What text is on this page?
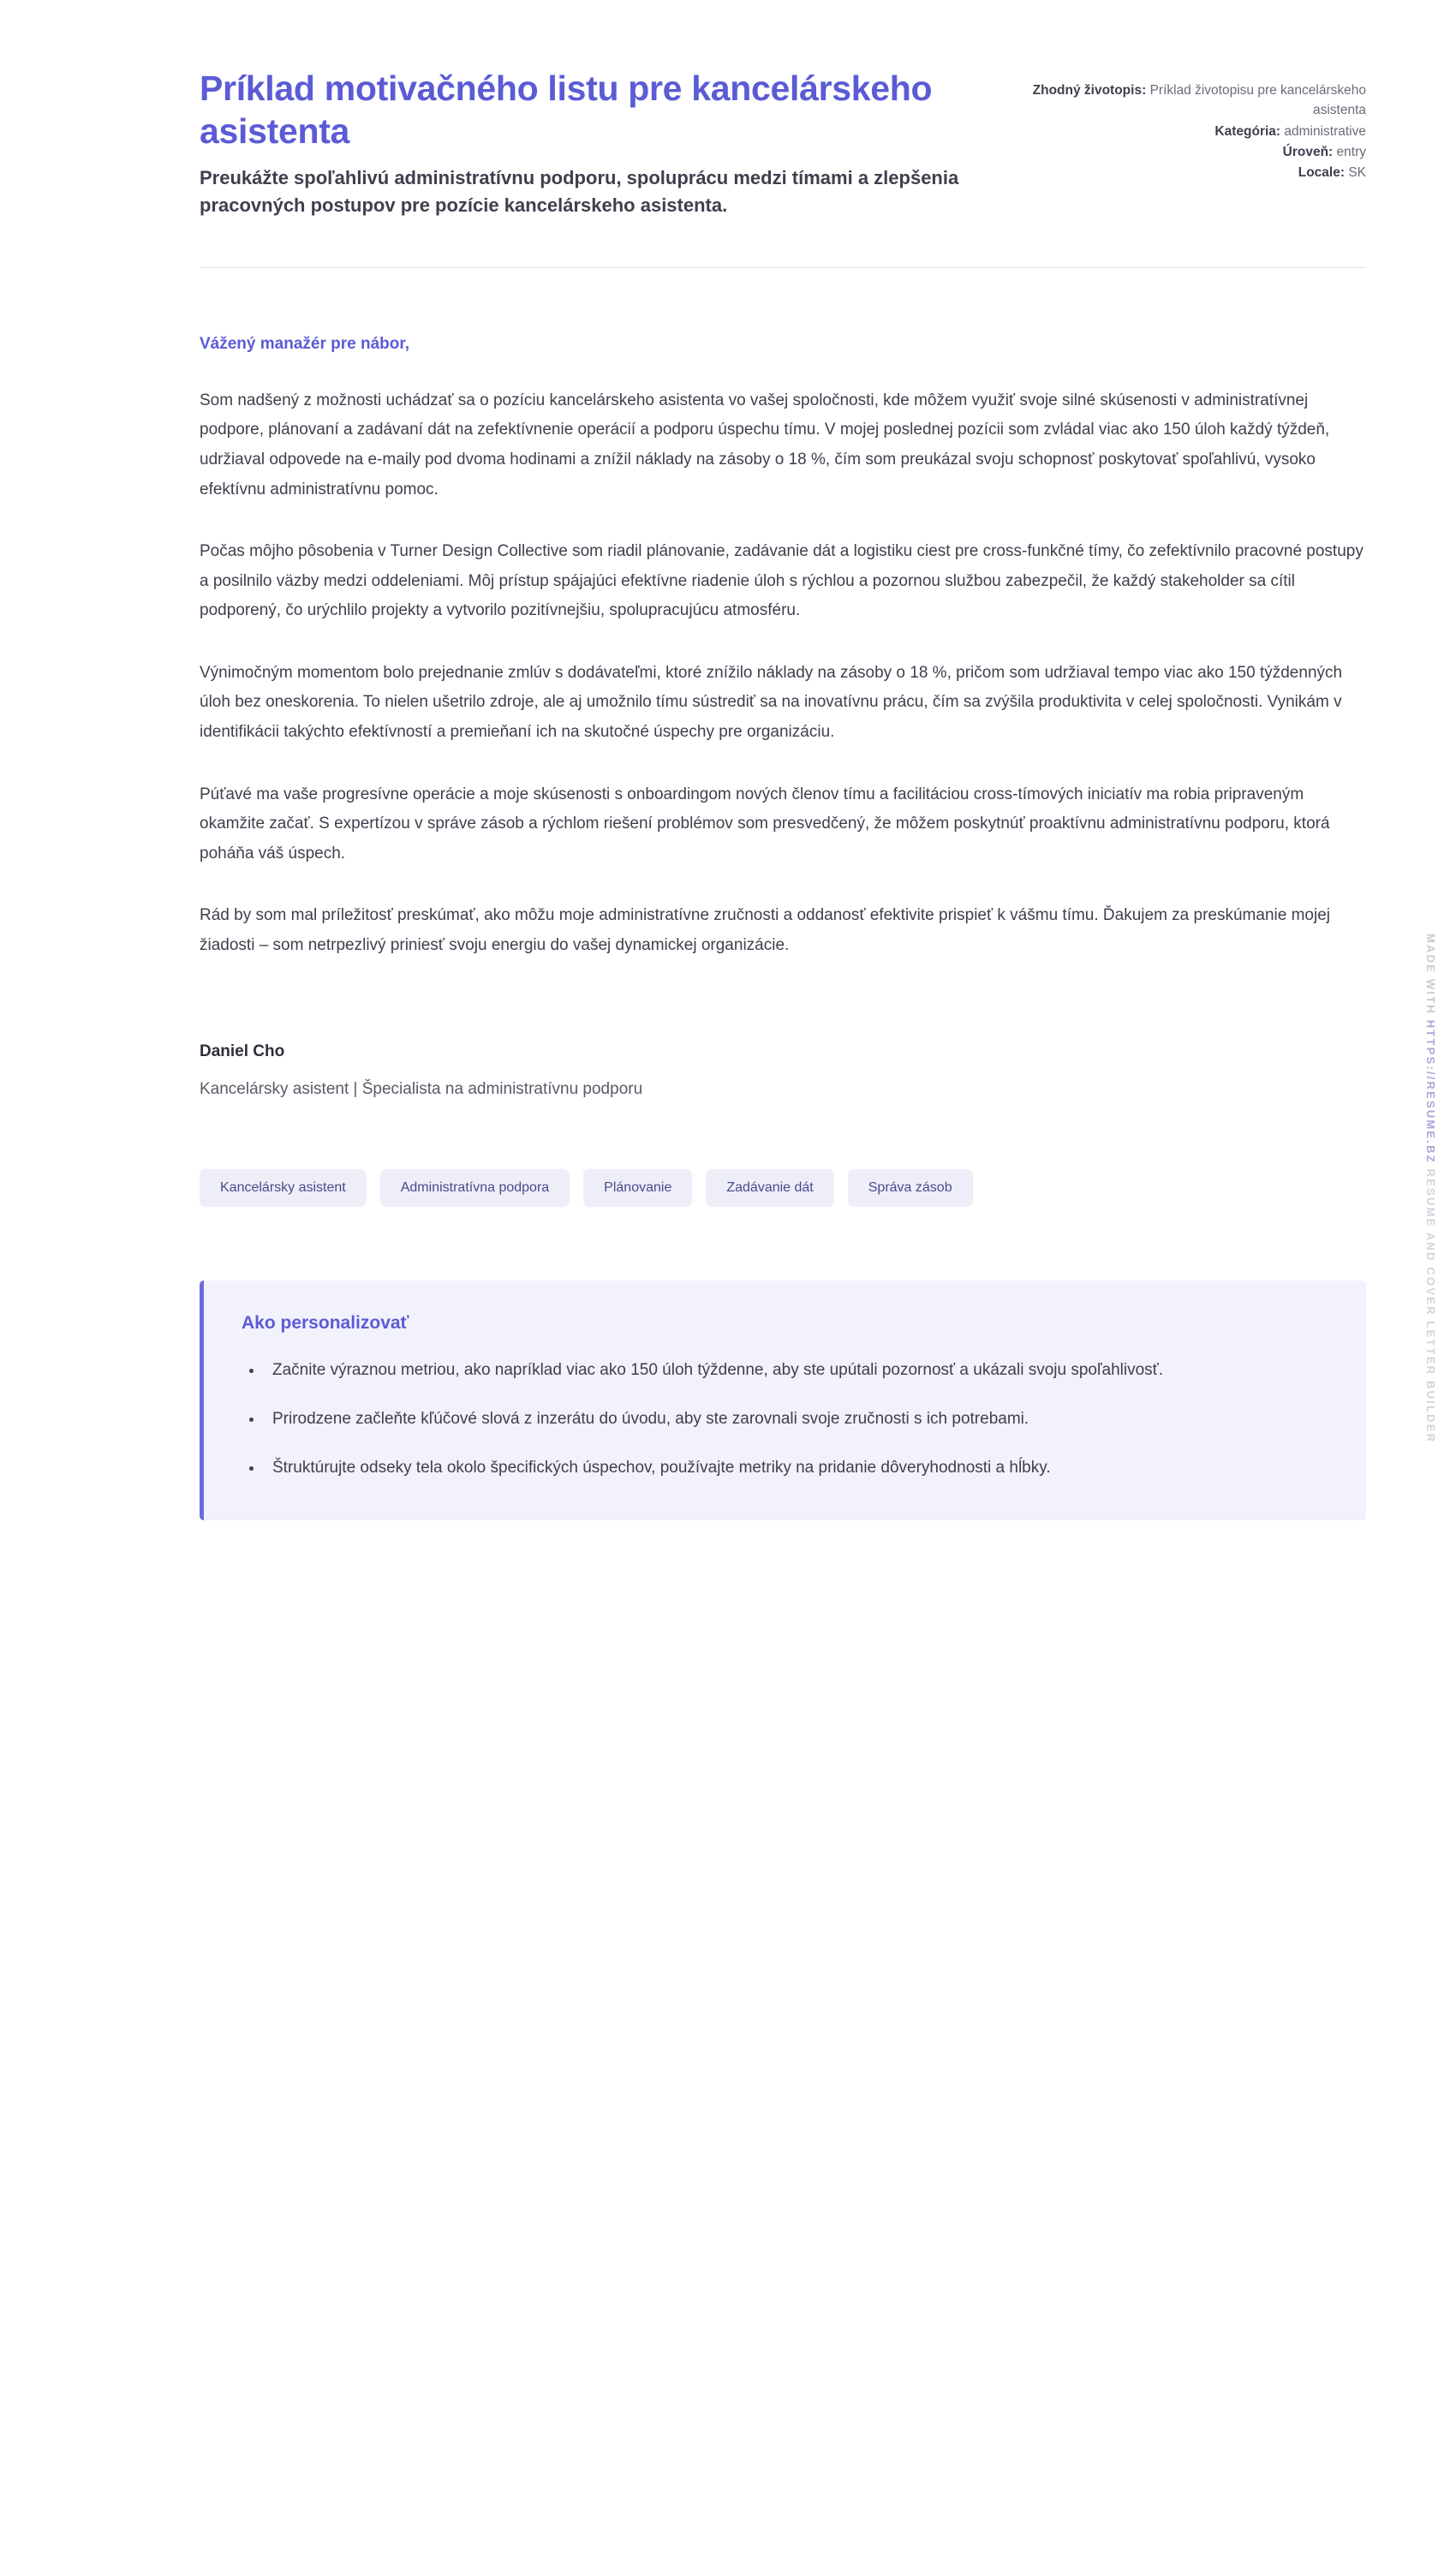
Príklad motivačného listu pre kancelárskeho asistenta

Preukážte spoľahlivú administratívnu podporu, spoluprácu medzi tímami a zlepšenia pracovných postupov pre pozície kancelárskeho asistenta.

Zhodný životopis: Príklad životopisu pre kancelárskeho asistenta
Kategória: administrative
Úroveň: entry
Locale: SK

Vážený manažér pre nábor,

Som nadšený z možnosti uchádzať sa o pozíciu kancelárskeho asistenta vo vašej spoločnosti, kde môžem využiť svoje silné skúsenosti v administratívnej podpore, plánovaní a zadávaní dát na zefektívnenie operácií a podporu úspechu tímu. V mojej poslednej pozícii som zvládal viac ako 150 úloh každý týždeň, udržiaval odpovede na e-maily pod dvoma hodinami a znížil náklady na zásoby o 18 %, čím som preukázal svoju schopnosť poskytovať spoľahlivú, vysoko efektívnu administratívnu pomoc.

Počas môjho pôsobenia v Turner Design Collective som riadil plánovanie, zadávanie dát a logistiku ciest pre cross-funkčné tímy, čo zefektívnilo pracovné postupy a posilnilo väzby medzi oddeleniami. Môj prístup spájajúci efektívne riadenie úloh s rýchlou a pozornou službou zabezpečil, že každý stakeholder sa cítil podporený, čo urýchlilo projekty a vytvorilo pozitívnejšiu, spolupracujúcu atmosféru.

Výnimočným momentom bolo prejednanie zmlúv s dodávateľmi, ktoré znížilo náklady na zásoby o 18 %, pričom som udržiaval tempo viac ako 150 týždenných úloh bez oneskorenia. To nielen ušetrilo zdroje, ale aj umožnilo tímu sústrediť sa na inovatívnu prácu, čím sa zvýšila produktivita v celej spoločnosti. Vynikám v identifikácii takýchto efektívností a premieňaní ich na skutočné úspechy pre organizáciu.

Púťavé ma vaše progresívne operácie a moje skúsenosti s onboardingom nových členov tímu a facilitáciou cross-tímových iniciatív ma robia pripraveným okamžite začať. S expertízou v správe zásob a rýchlom riešení problémov som presvedčený, že môžem poskytnúť proaktívnu administratívnu podporu, ktorá poháňa váš úspech.

Rád by som mal príležitosť preskúmať, ako môžu moje administratívne zručnosti a oddanosť efektivite prispieť k vášmu tímu. Ďakujem za preskúmanie mojej žiadosti – som netrpezlivý priniesť svoju energiu do vašej dynamickej organizácie.

Daniel Cho

Kancelársky asistent | Špecialista na administratívnu podporu

Kancelársky asistent	Administratívna podpora	Plánovanie	Zadávanie dát	Správa zásob
Ako personalizovať
• Začnite výraznou metriou, ako napríklad viac ako 150 úloh týždenne, aby ste upútali pozornosť a ukázali svoju spoľahlivosť.
• Prirodzene začleňte kľúčové slová z inzerátu do úvodu, aby ste zarovnali svoje zručnosti s ich potrebami.
• Štruktúrujte odseky tela okolo špecifických úspechov, používajte metriky na pridanie dôveryhodnosti a hĺbky.
MADE WITH HTTPS://RESUME.BZ RESUME AND COVER LETTER BUILDER
